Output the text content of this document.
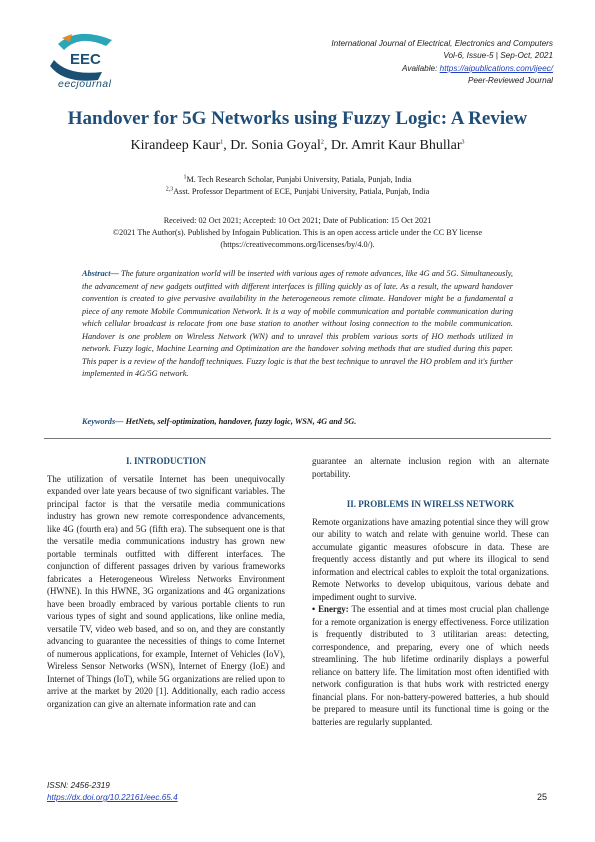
EEC
eecjournal
International Journal of Electrical, Electronics and Computers
Vol-6, Issue-5 | Sep-Oct, 2021
Available: https://aipublications.com/ijeec/
Peer-Reviewed Journal
Handover for 5G Networks using Fuzzy Logic: A Review
Kirandeep Kaur$^1$, Dr. Sonia Goyal$^2$, Dr. Amrit Kaur Bhullar$^3$
$^1$M. Tech Research Scholar, Punjabi University, Patiala, Punjab, India
$^{2,3}$Asst. Professor Department of ECE, Punjabi University, Patiala, Punjab, India
Received: 02 Oct 2021; Accepted: 10 Oct 2021; Date of Publication: 15 Oct 2021
©2021 The Author(s). Published by Infogain Publication. This is an open access article under the CC BY license
(https://creativecommons.org/licenses/by/4.0/).
Abstract— The future organization world will be inserted with various ages of remote advances, like 4G and 5G. Simultaneously, the advancement of new gadgets outfitted with different interfaces is filling quickly as of late. As a result, the upward handover convention is created to give pervasive availability in the heterogeneous remote climate. Handover might be a fundamental a piece of any remote Mobile Communication Network. It is a way of mobile communication and portable communication during which cellular broadcast is relocate from one base station to another without losing connection to the mobile communication. Handover is one problem on Wireless Network (WN) and to unravel this problem various sorts of HO methods utilized in network. Fuzzy logic, Machine Learning and Optimization are the handover solving methods that are studied during this paper. This paper is a review of the handoff techniques. Fuzzy logic is that the best technique to unravel the HO problem and it's further implemented in 4G/5G network.
Keywords— HetNets, self-optimization, handover, fuzzy logic, WSN, 4G and 5G.
I. INTRODUCTION

The utilization of versatile Internet has been unequivocally expanded over late years because of two significant variables. The principal factor is that the versatile media communications industry has grown new remote correspondence advancements, like 4G (fourth era) and 5G (fifth era). The subsequent one is that the versatile media communications industry has grown new portable terminals outfitted with different interfaces. The conjunction of different passages driven by various frameworks fabricates a Heterogeneous Wireless Networks Environment (HWNE). In this HWNE, 3G organizations and 4G organizations have been broadly embraced by various portable clients to run various types of sight and sound applications, like online media, versatile TV, video web based, and so on, and they are constantly advancing to guarantee the necessities of things to come Internet of numerous applications, for example, Internet of Vehicles (IoV), Wireless Sensor Networks (WSN), Internet of Energy (IoE) and Internet of Things (IoT), while 5G organizations are relied upon to arrive at the market by 2020 [1]. Additionally, each radio access organization can give an alternate information rate and can

guarantee an alternate inclusion region with an alternate portability.

II. PROBLEMS IN WIRELSS NETWORK

Remote organizations have amazing potential since they will grow our ability to watch and relate with genuine world. These can accumulate gigantic measures ofobscure in data. These are frequently access distantly and put where its illogical to send information and electrical cables to exploit the total organizations. Remote Networks to develop ubiquitous, various debate and impediment ought to survive.

• Energy: The essential and at times most crucial plan challenge for a remote organization is energy effectiveness. Force utilization is frequently distributed to 3 utilitarian areas: detecting, correspondence, and preparing, every one of which needs streamlining. The hub lifetime ordinarily displays a powerful reliance on battery life. The limitation most often identified with network configuration is that hubs work with restricted energy financial plans. For non-battery-powered batteries, a hub should be prepared to measure until its functional time is going or the batteries are regularly supplanted.

ISSN: 2456-2319
https://dx.doi.org/10.22161/eec.65.4	25
